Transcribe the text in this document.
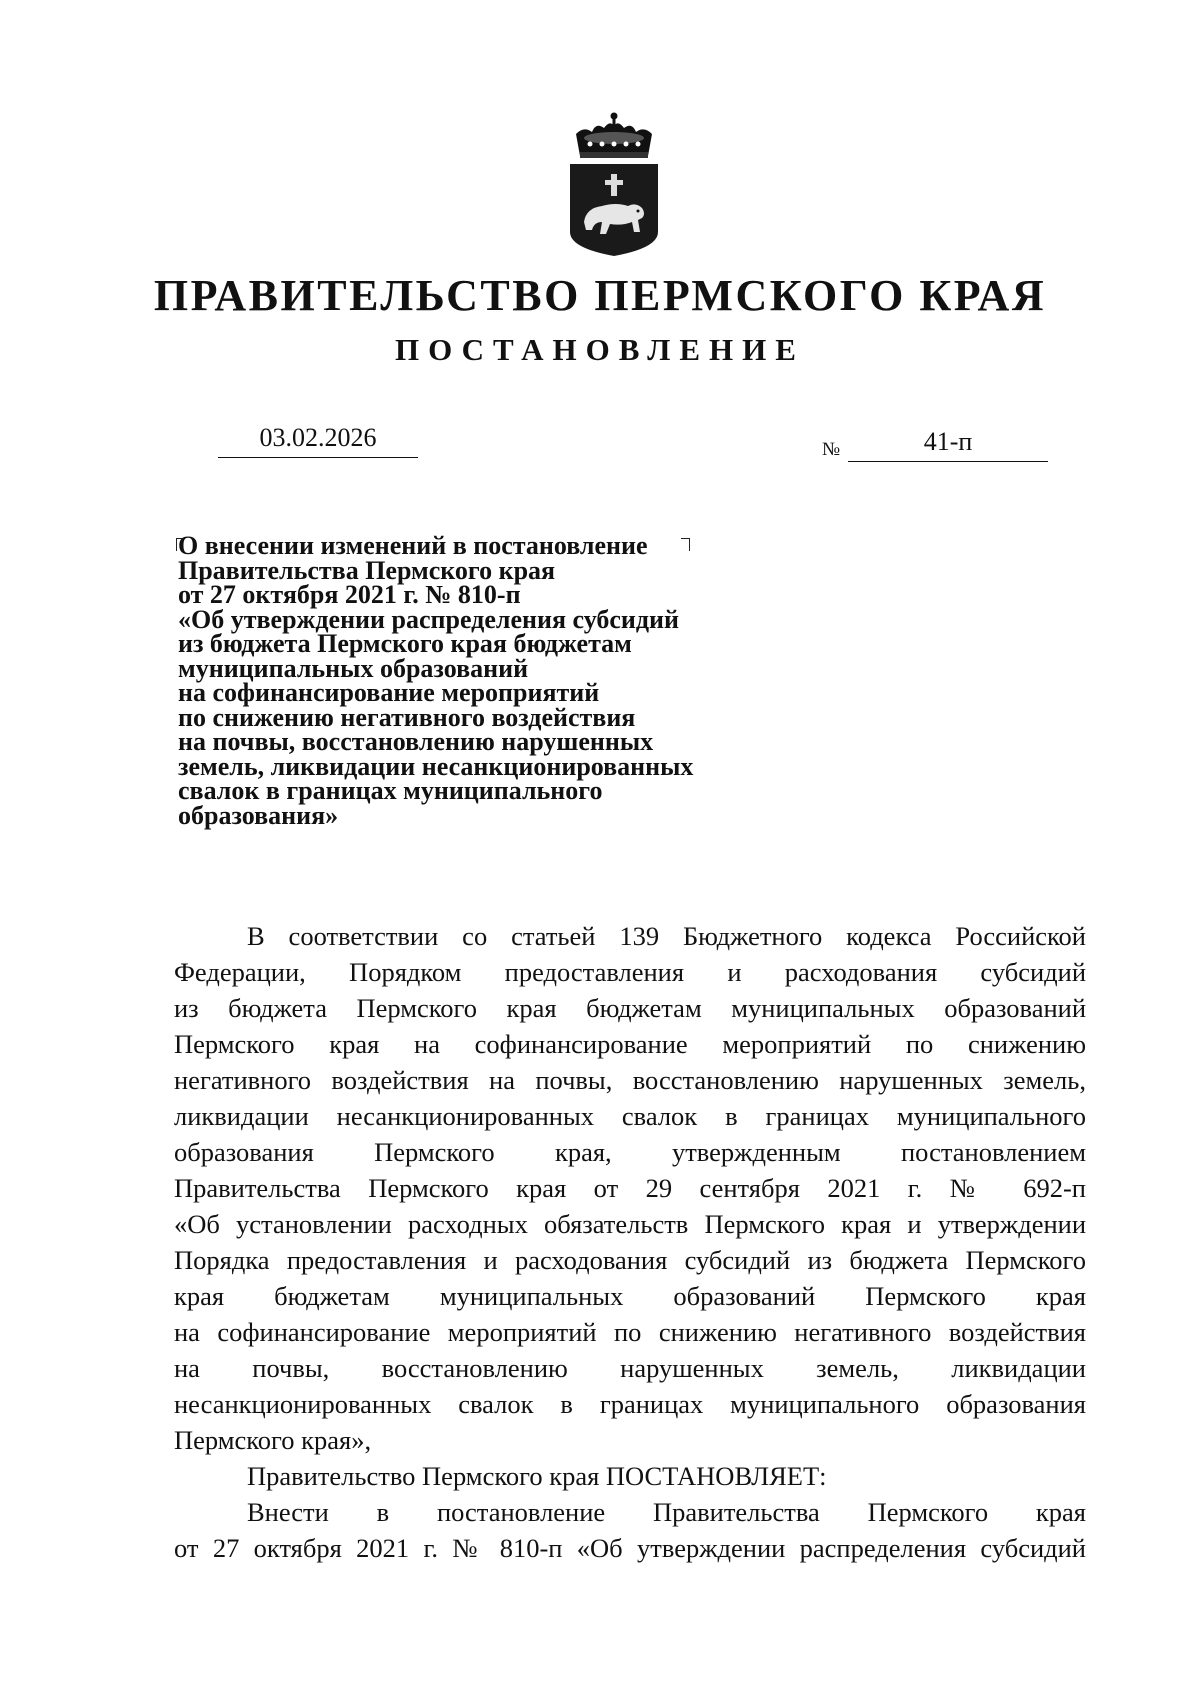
ПРАВИТЕЛЬСТВО ПЕРМСКОГО КРАЯ
ПОСТАНОВЛЕНИЕ
03.02.2026	№	41-п

О внесении изменений в постановление

Правительства Пермского края

от 27 октября 2021 г. № 810-п

«Об утверждении распределения субсидий

из бюджета Пермского края бюджетам

муниципальных образований

на софинансирование мероприятий

по снижению негативного воздействия

на почвы, восстановлению нарушенных

земель, ликвидации несанкционированных

свалок в границах муниципального

образования»

В соответствии со статьей 139 Бюджетного кодекса Российской

Федерации, Порядком предоставления и расходования субсидий

из бюджета Пермского края бюджетам муниципальных образований

Пермского края на софинансирование мероприятий по снижению

негативного воздействия на почвы, восстановлению нарушенных земель,

ликвидации несанкционированных свалок в границах муниципального

образования Пермского края, утвержденным постановлением

Правительства Пермского края от 29 сентября 2021 г. № 692-п

«Об установлении расходных обязательств Пермского края и утверждении

Порядка предоставления и расходования субсидий из бюджета Пермского

края бюджетам муниципальных образований Пермского края

на софинансирование мероприятий по снижению негативного воздействия

на почвы, восстановлению нарушенных земель, ликвидации

несанкционированных свалок в границах муниципального образования

Пермского края»,

Правительство Пермского края ПОСТАНОВЛЯЕТ:

Внести в постановление Правительства Пермского края

от 27 октября 2021 г. № 810-п «Об утверждении распределения субсидий
